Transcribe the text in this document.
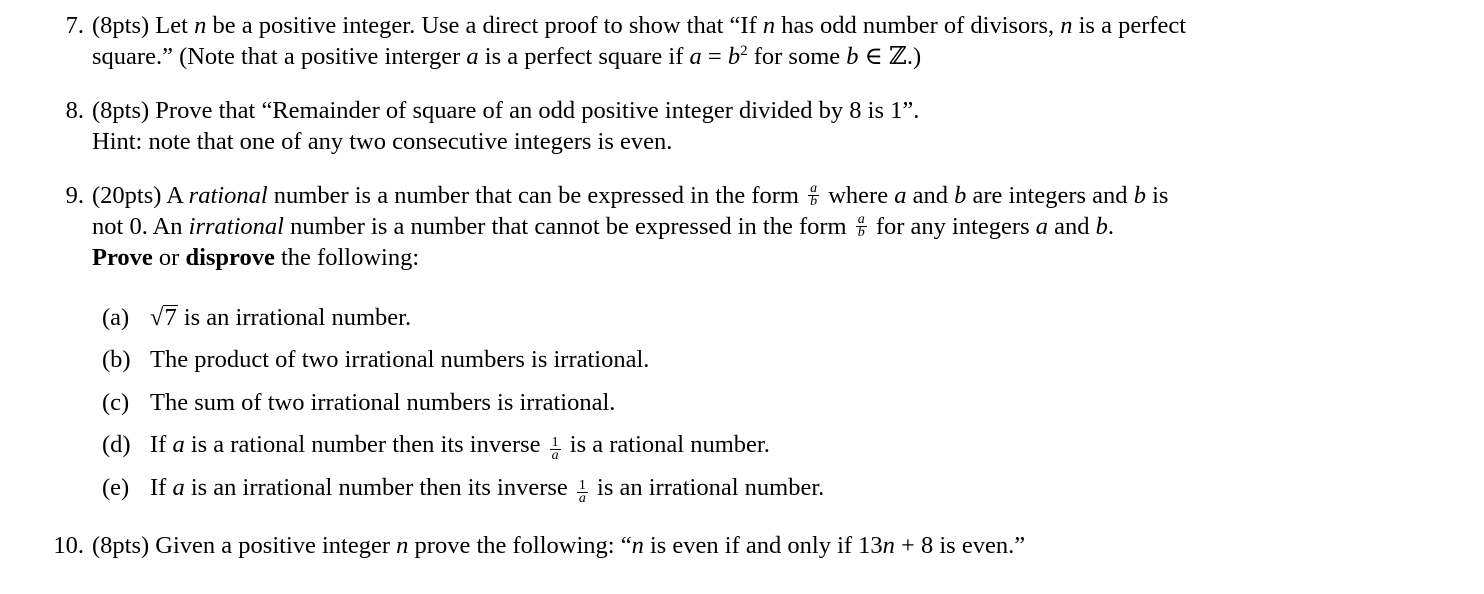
7. (8pts) Let n be a positive integer. Use a direct proof to show that “If n has odd number of divisors, n is a perfect
square.” (Note that a positive interger a is a perfect square if $a = b^2$ for some b ∈ ℤ.)
8. (8pts) Prove that “Remainder of square of an odd positive integer divided by 8 is 1”.
Hint: note that one of any two consecutive integers is even.
9. (20pts) A rational number is a number that can be expressed in the form $\frac{a}{b}$ where a and b are integers and b is
not 0. An irrational number is a number that cannot be expressed in the form $\frac{a}{b}$ for any integers a and b.
Prove or disprove the following:
(a) √7 is an irrational number.
(b) The product of two irrational numbers is irrational.
(c) The sum of two irrational numbers is irrational.
(d) If a is a rational number then its inverse $\frac{1}{a}$ is a rational number.
(e) If a is an irrational number then its inverse $\frac{1}{a}$ is an irrational number.
10. (8pts) Given a positive integer n prove the following: “n is even if and only if 13n + 8 is even.”
